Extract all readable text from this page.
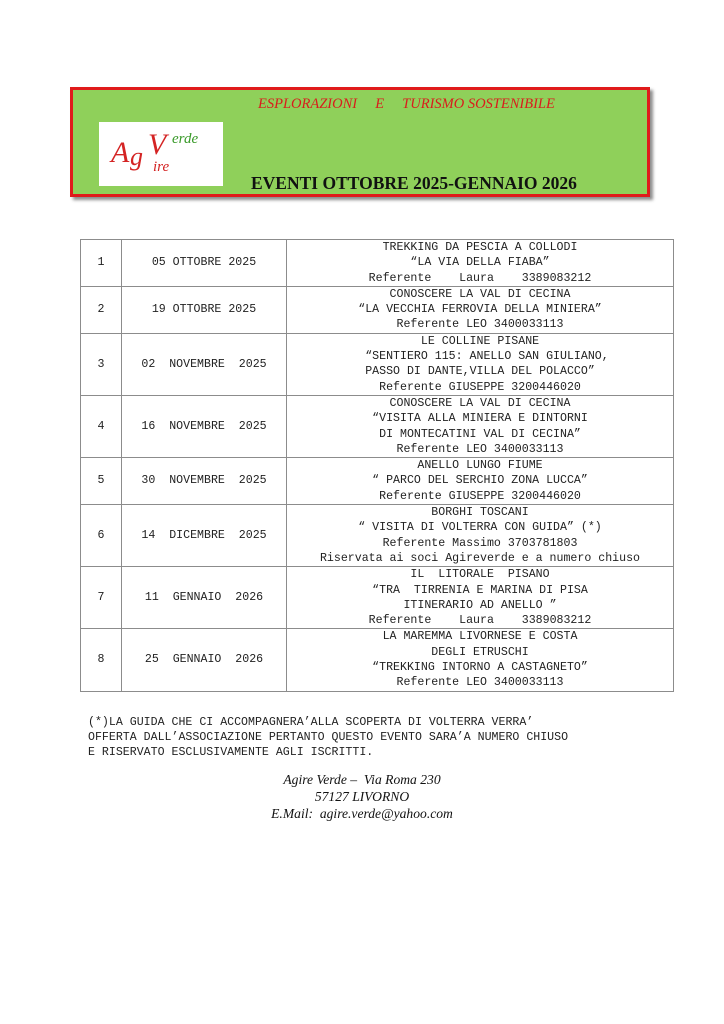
ESPLORAZIONI     E     TURISMO SOSTENIBILE
A g V erde
ire
EVENTI OTTOBRE 2025-GENNAIO 2026
1	05 OTTOBRE 2025	TREKKING DA PESCIA A COLLODI
“LA VIA DELLA FIABA”
Referente    Laura    3389083212

2	19 OTTOBRE 2025	CONOSCERE LA VAL DI CECINA
“LA VECCHIA FERROVIA DELLA MINIERA”
Referente LEO 3400033113

3	02  NOVEMBRE  2025	LE COLLINE PISANE
“SENTIERO 115: ANELLO SAN GIULIANO,
PASSO DI DANTE,VILLA DEL POLACCO”
Referente GIUSEPPE 3200446020

4	16  NOVEMBRE  2025	CONOSCERE LA VAL DI CECINA
“VISITA ALLA MINIERA E DINTORNI
DI MONTECATINI VAL DI CECINA”
Referente LEO 3400033113

5	30  NOVEMBRE  2025	ANELLO LUNGO FIUME
“ PARCO DEL SERCHIO ZONA LUCCA”
Referente GIUSEPPE 3200446020

6	14  DICEMBRE  2025	BORGHI TOSCANI
“ VISITA DI VOLTERRA CON GUIDA” (*)
Referente Massimo 3703781803
Riservata ai soci Agireverde e a numero chiuso

7	11  GENNAIO  2026	IL  LITORALE  PISANO
“TRA  TIRRENIA E MARINA DI PISA
ITINERARIO AD ANELLO ”
Referente    Laura    3389083212

8	25  GENNAIO  2026	LA MAREMMA LIVORNESE E COSTA
DEGLI ETRUSCHI
“TREKKING INTORNO A CASTAGNETO”
Referente LEO 3400033113
(*)LA GUIDA CHE CI ACCOMPAGNERA’ALLA SCOPERTA DI VOLTERRA VERRA’
OFFERTA DALL’ASSOCIAZIONE PERTANTO QUESTO EVENTO SARA’A NUMERO CHIUSO
E RISERVATO ESCLUSIVAMENTE AGLI ISCRITTI.
Agire Verde –  Via Roma 230
57127 LIVORNO
E.Mail:  agire.verde@yahoo.com
